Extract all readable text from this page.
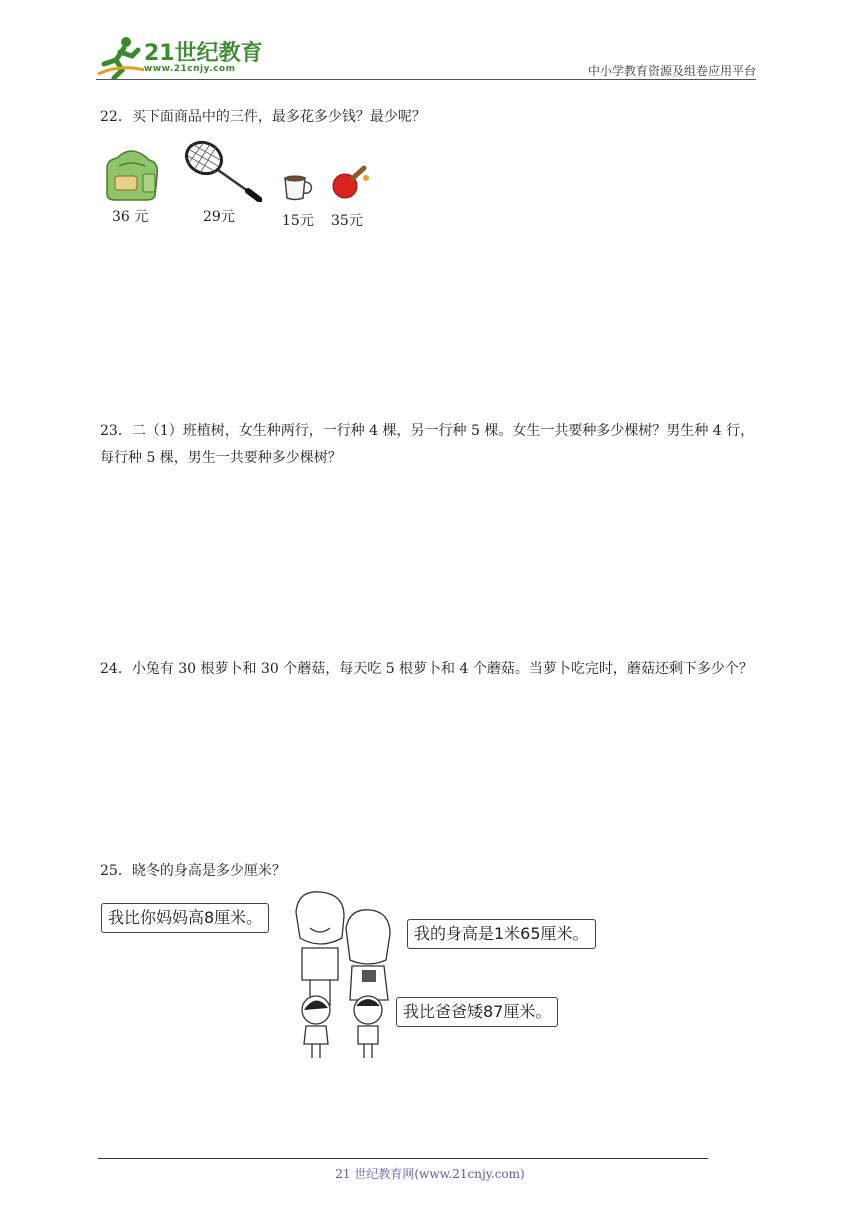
21世纪教育
www.21cnjy.com	中小学教育资源及组卷应用平台
22．买下面商品中的三件，最多花多少钱？最少呢？
36 元	29元	15元 35元
23．二（1）班植树，女生种两行，一行种 4 棵，另一行种 5 棵。女生一共要种多少棵树？男生种 4 行，每行种 5 棵，男生一共要种多少棵树？
24．小兔有 30 根萝卜和 30 个蘑菇，每天吃 5 根萝卜和 4 个蘑菇。当萝卜吃完时，蘑菇还剩下多少个？
25．晓冬的身高是多少厘米？
我比你妈妈高8厘米。
我的身高是1米65厘米。
我比爸爸矮87厘米。
21 世纪教育网(www.21cnjy.com)
